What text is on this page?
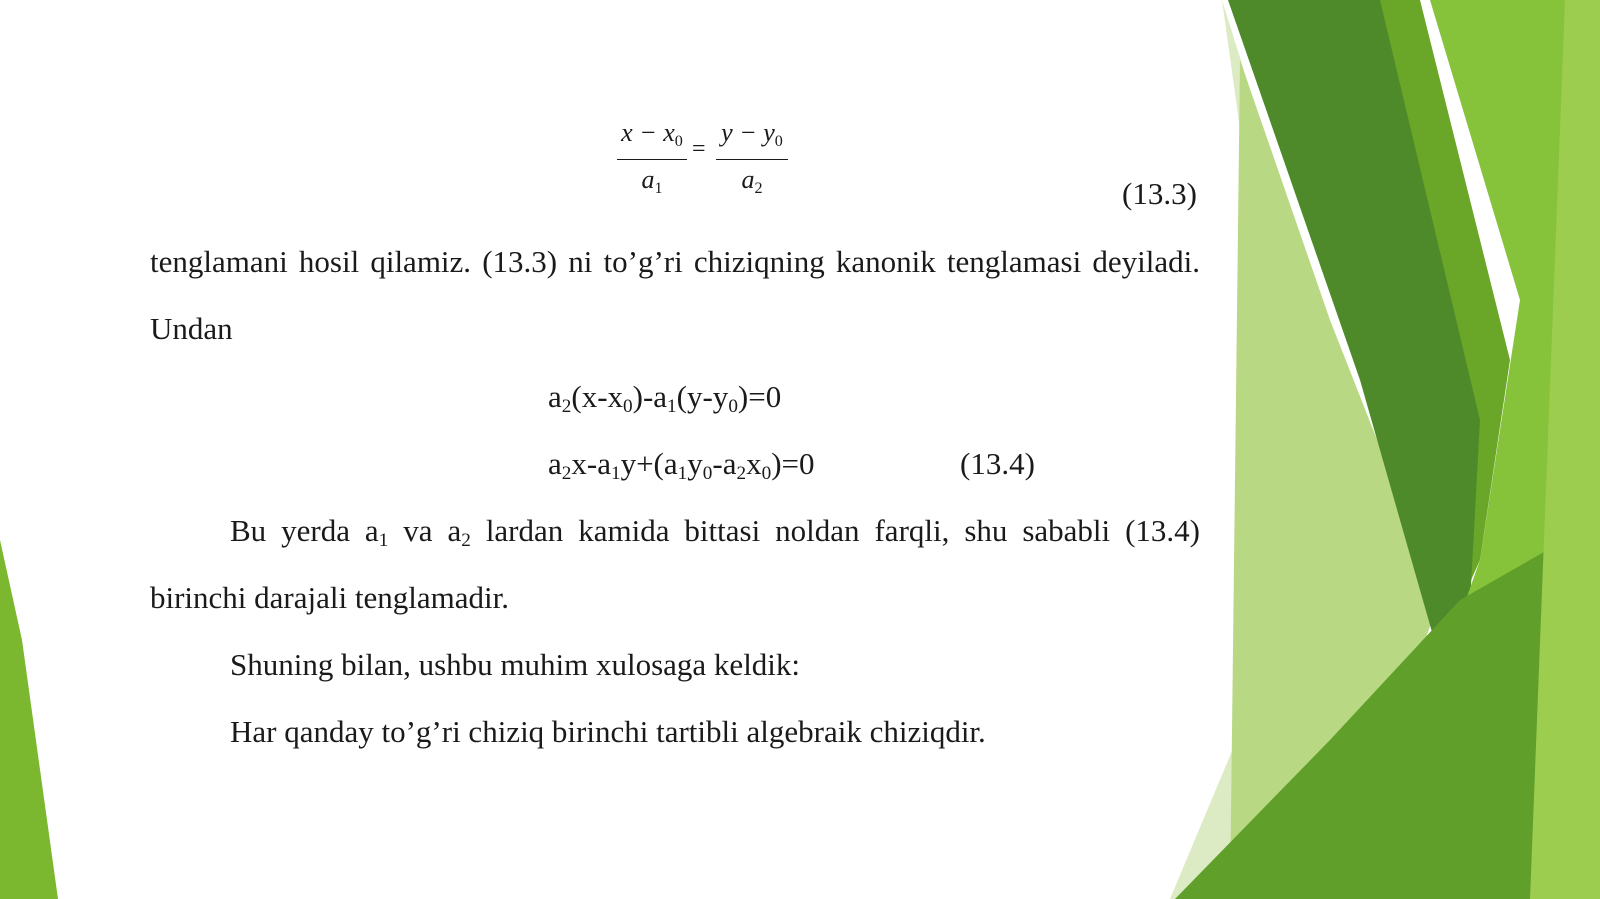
$\frac{x - x_0}{a_1} = \frac{y - y_0}{a_2}$	(13.3)
tenglamani hosil qilamiz. (13.3) ni to’g’ri chiziqning kanonik tenglamasi deyiladi.
Undan
$a_2(x-x_0)-a_1(y-y_0)=0$
$a_2x-a_1y+(a_1y_0-a_2x_0)=0$	(13.4)
Bu yerda $a_1$ va $a_2$ lardan kamida bittasi noldan farqli, shu sababli (13.4)
birinchi darajali tenglamadir.
Shuning bilan, ushbu muhim xulosaga keldik:
Har qanday to’g’ri chiziq birinchi tartibli algebraik chiziqdir.
